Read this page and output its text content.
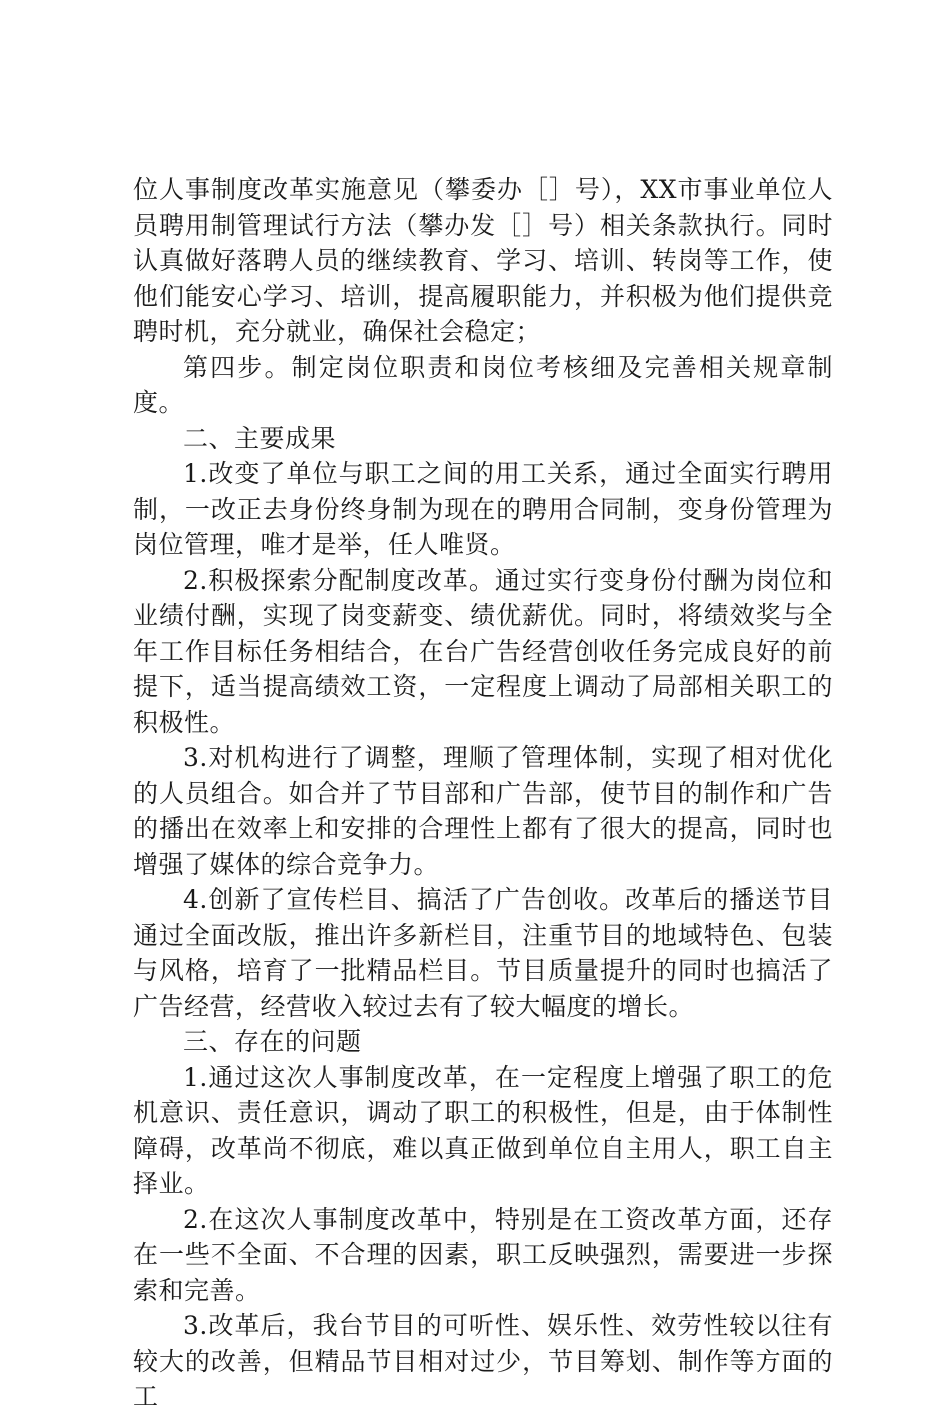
位人事制度改革实施意见（攀委办［］号），XX市事业单位人员聘用制管理试行方法（攀办发［］号）相关条款执行。同时认真做好落聘人员的继续教育、学习、培训、转岗等工作，使他们能安心学习、培训，提高履职能力，并积极为他们提供竞聘时机，充分就业，确保社会稳定；

第四步。制定岗位职责和岗位考核细及完善相关规章制度。

二、主要成果

1.改变了单位与职工之间的用工关系，通过全面实行聘用制，一改正去身份终身制为现在的聘用合同制，变身份管理为岗位管理，唯才是举，任人唯贤。

2.积极探索分配制度改革。通过实行变身份付酬为岗位和业绩付酬，实现了岗变薪变、绩优薪优。同时，将绩效奖与全年工作目标任务相结合，在台广告经营创收任务完成良好的前提下，适当提高绩效工资，一定程度上调动了局部相关职工的积极性。

3.对机构进行了调整，理顺了管理体制，实现了相对优化的人员组合。如合并了节目部和广告部，使节目的制作和广告的播出在效率上和安排的合理性上都有了很大的提高，同时也增强了媒体的综合竞争力。

4.创新了宣传栏目、搞活了广告创收。改革后的播送节目通过全面改版，推出许多新栏目，注重节目的地域特色、包装与风格，培育了一批精品栏目。节目质量提升的同时也搞活了广告经营，经营收入较过去有了较大幅度的增长。

三、存在的问题

1.通过这次人事制度改革，在一定程度上增强了职工的危机意识、责任意识，调动了职工的积极性，但是，由于体制性障碍，改革尚不彻底，难以真正做到单位自主用人，职工自主择业。

2.在这次人事制度改革中，特别是在工资改革方面，还存在一些不全面、不合理的因素，职工反映强烈，需要进一步探索和完善。

3.改革后，我台节目的可听性、娱乐性、效劳性较以往有较大的改善，但精品节目相对过少，节目筹划、制作等方面的工
